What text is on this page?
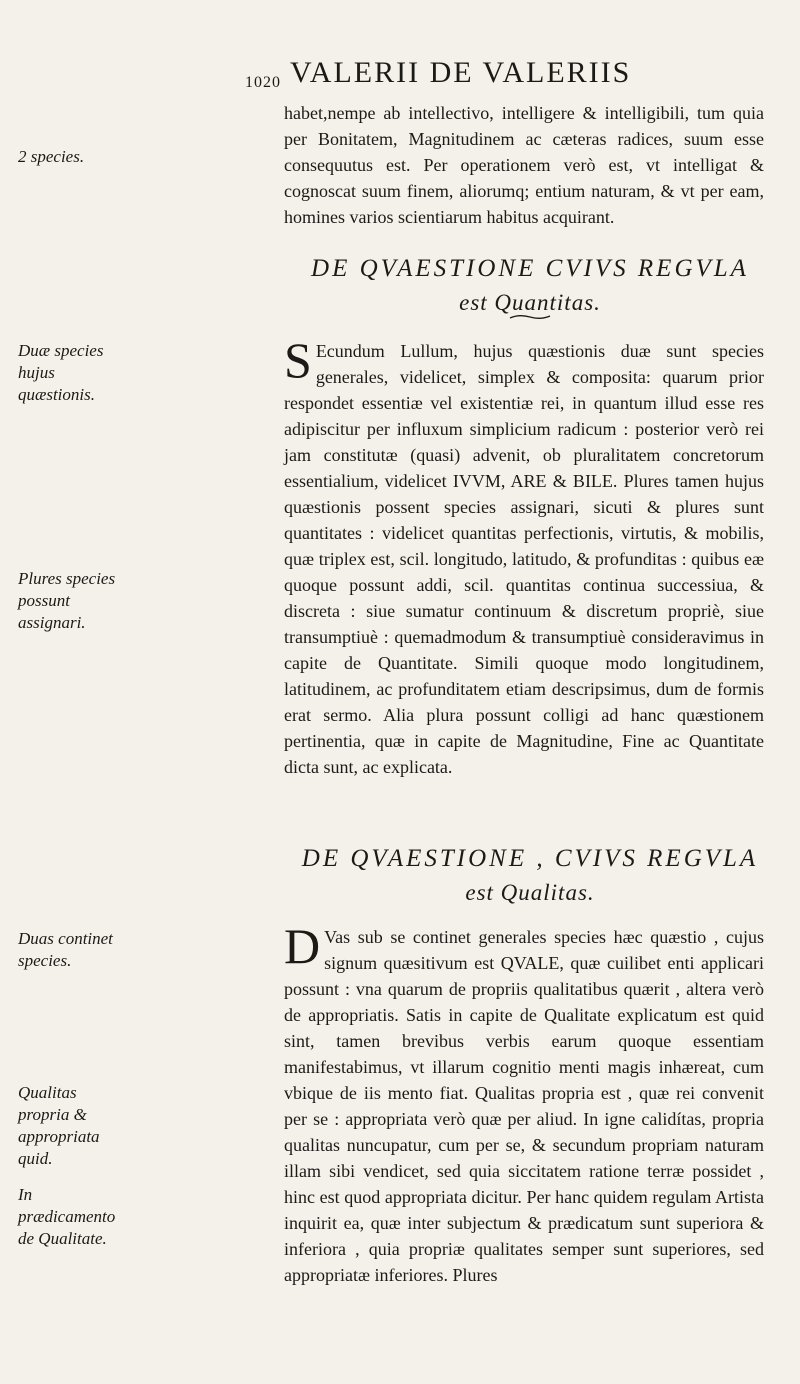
1020 VALERII DE VALERIIS

habet,nempe ab intellectivo, intelligere & intelligibili, tum quia per Bonitatem, Magnitudinem ac cæteras radices, suum esse consequutus est. Per operationem verò est, vt intelligat & cognoscat suum finem, aliorumq; entium naturam, & vt per eam, homines varios scientiarum habitus acquirant.

DE QVAESTIONE CVIVS REGVLA
est Quantitas.

S Ecundum Lullum, hujus quæstionis duæ sunt species generales, videlicet, simplex & composita: quarum prior respondet essentiæ vel existentiæ rei, in quantum illud esse res adipiscitur per influxum simplicium radicum : posterior verò rei jam constitutæ (quasi) advenit, ob pluralitatem concretorum essentialium, videlicet IVVM, ARE & BILE. Plures tamen hujus quæstionis possent species assignari, sicuti & plures sunt quantitates : videlicet quantitas perfectionis, virtutis, & mobilis, quæ triplex est, scil. longitudo, latitudo, & profunditas : quibus eæ quoque possunt addi, scil. quantitas continua successiua, & discreta : siue sumatur continuum & discretum propriè, siue transumptiuè : quemadmodum & transumptiuè consideravimus in capite de Quantitate. Simili quoque modo longitudinem, latitudinem, ac profunditatem etiam descripsimus, dum de formis erat sermo. Alia plura possunt colligi ad hanc quæstionem pertinentia, quæ in capite de Magnitudine, Fine ac Quantitate dicta sunt, ac explicata.

DE QVAESTIONE , CVIVS REGVLA
est Qualitas.

D Vas sub se continet generales species hæc quæstio , cujus signum quæsitivum est QVALE, quæ cuilibet enti applicari possunt : vna quarum de propriis qualitatibus quærit , altera verò de appropriatis. Satis in capite de Qualitate explicatum est quid sint, tamen brevibus verbis earum quoque essentiam manifestabimus, vt illarum cognitio menti magis inhæreat, cum vbique de iis mento fiat. Qualitas propria est , quæ rei convenit per se : appropriata verò quæ per aliud. In igne calidítas, propria qualitas nuncupatur, cum per se, & secundum propriam naturam illam sibi vendicet, sed quia siccitatem ratione terræ possidet , hinc est quod appropriata dicitur. Per hanc quidem regulam Artista inquirit ea, quæ inter subjectum & prædicatum sunt superiora & inferiora , quia propriæ qualitates semper sunt superiores, sed appropriatæ inferiores. Plures

2 species.
Duæ species hujus quæstionis.
Plures species possunt assignari.
Duas continet species.
Qualitas propria & appropriata quid.
In prædicamento de Qualitate.
